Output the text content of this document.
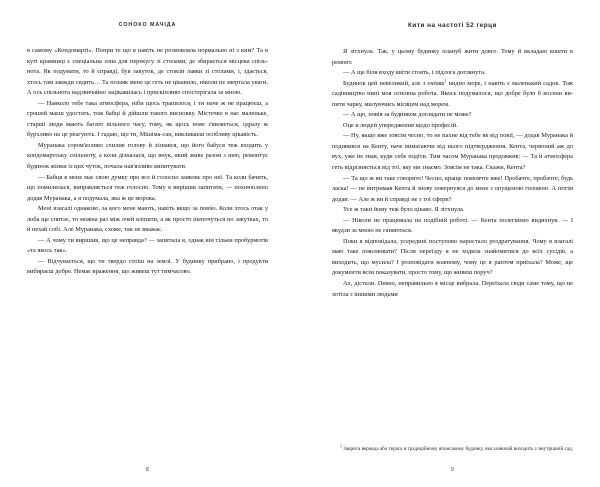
СОНОКО МАЧІДА

в самому «Кондомарті». Попри те що я навіть не розмовляла нормально ні з ким? Та в куті крамниці є спеціальна зона для перекусу зі столами, де збирається місцева спільнота. Як подумати, то й справді, був закуток, де стояли лавки зі столами, і, здається, хтось там завжди сидить… Та позаяк мене це геть не цікавило, ніколи не звертала уваги. А ось спільнота надзвичайно зацікавилась і прискіпливо спостерігала за мною.

— Навколо тебе така атмосфера, ніби щось трапилося, і ти наче ж не працюєш, а грошей маєш удостать, тож бабці й дійшли такого висновку. Містечко в нас маленьке, старші люди мають багато вільного часу, тому, як щось нове з'являється, одразу ж бурхливо на це реагують. І гадаю, що ти, Мішіма-сан, викликаєш особливу цікавість.

Муранака сором'язливо схилив голову й зізнався, що його бабуся теж входить у кондомартську спільноту, а коли дізналася, що внук, який живе разом з нею, ремонтує будинок жінки із цих чуток, почала нав'язливо випитувати.

— Бабця в мене має свою думку про все й голосно заявляє про неї. Та коли бачить, що помилилася, виправляється теж голосно. Тому я вирішив запитати, — похнюплено додав Муранака, а я подумала, яка ж це морока.

Мені взагалі однаково, за кого мене мають, навіть якщо за повію. Коли хтось отак у лоба ще спитає, то можна раз між очей вліпити, а як просто шепочуться по закутках, то й нехай собі. Але Муранака, схоже, так не вважає.

— А чому ти вирішив, що це неправда? — запитала я, однак він тільки пробурмотів «та якось так».

— Відчувається, що ти твердо стоїш на землі. У будинку прибрано, і продукти вибираєш добре. Немає враження, що живеш тут тимчасово.

8
Кити на частоті 52 герци

Я зітхнула. Так, у цьому будинку плануб жити довго. Тому й вкладаю кошти в ремонт.

— А ще біля входу квіти стоять, і підлога доглянута.

Будинок цей невеликий, але з енґави$^1$ видно море, і навіть є маленький садок. Тож садівництво нині моя основна робота. Якось подумалося, що добре було б восени випити чарку, милуючись місяцем над морем.

— А що, повія за будинком доглядати не може?

Оце в людей упередження щодо професій.

— Ну, якщо вже зовсім чесно, то не пахне від тебе як від повії, — додав Муранака й подивився на Кенту, наче вимагаючи від нього підтвердження. Кента, червоний аж до вух, уже не знав, куди себе подіти. Тим часом Муранака продовжив: — Та й атмосфера геть відрізняється від тої, яку ми знаємо. Зовсім не така. Скажи, Кента?

— Та що ж ви таке говорите! Чесно, краще помовчте вже! Пробачте, пробачте, будь ласка! — не витримав Кента й знову повернувся до мене з опущеною головою. А потім додав: — Але ж ви й справді не з тої сфери?

Усе ж таки йому теж було цікаво. Я зітхнула.

— Ніколи не працювала на подібній роботі. — Кента полегшено видихнув. — І якудзи за мною не ганяються.

Поки я відповідала, усередині поступово наростало роздратування. Чому я взагалі маю таке пояснювати? Після переїзду я не ходила знайомитися до всіх сусідів, а виходить, що мусила? І розповідати кожному, чому це я раптом приїхала? Може, ще документи всім показувати, просто тому, що живеш поруч?

Ах, дістали. Певно, неправильно я місце вибрала. Переїхала сюди саме тому, що не хотіла з іншими людьми

$^1$ Закрита веранда або тераса в традиційному японському будинку, яка зазвичай виходить у внутрішній сад.

9
